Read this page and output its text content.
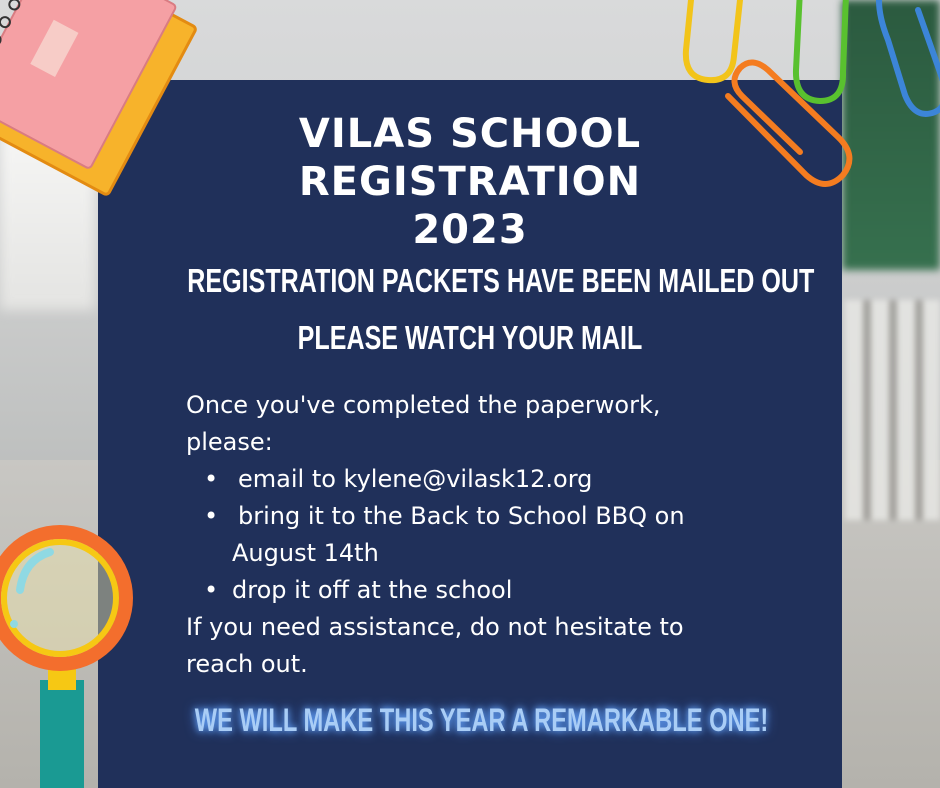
VILAS SCHOOL
REGISTRATION
2023
REGISTRATION PACKETS HAVE BEEN MAILED OUT
PLEASE WATCH YOUR MAIL
Once you've completed the paperwork,
please:
• email to kylene@vilask12.org
• bring it to the Back to School BBQ on
August 14th
• drop it off at the school
If you need assistance, do not hesitate to
reach out.
WE WILL MAKE THIS YEAR A REMARKABLE ONE!
